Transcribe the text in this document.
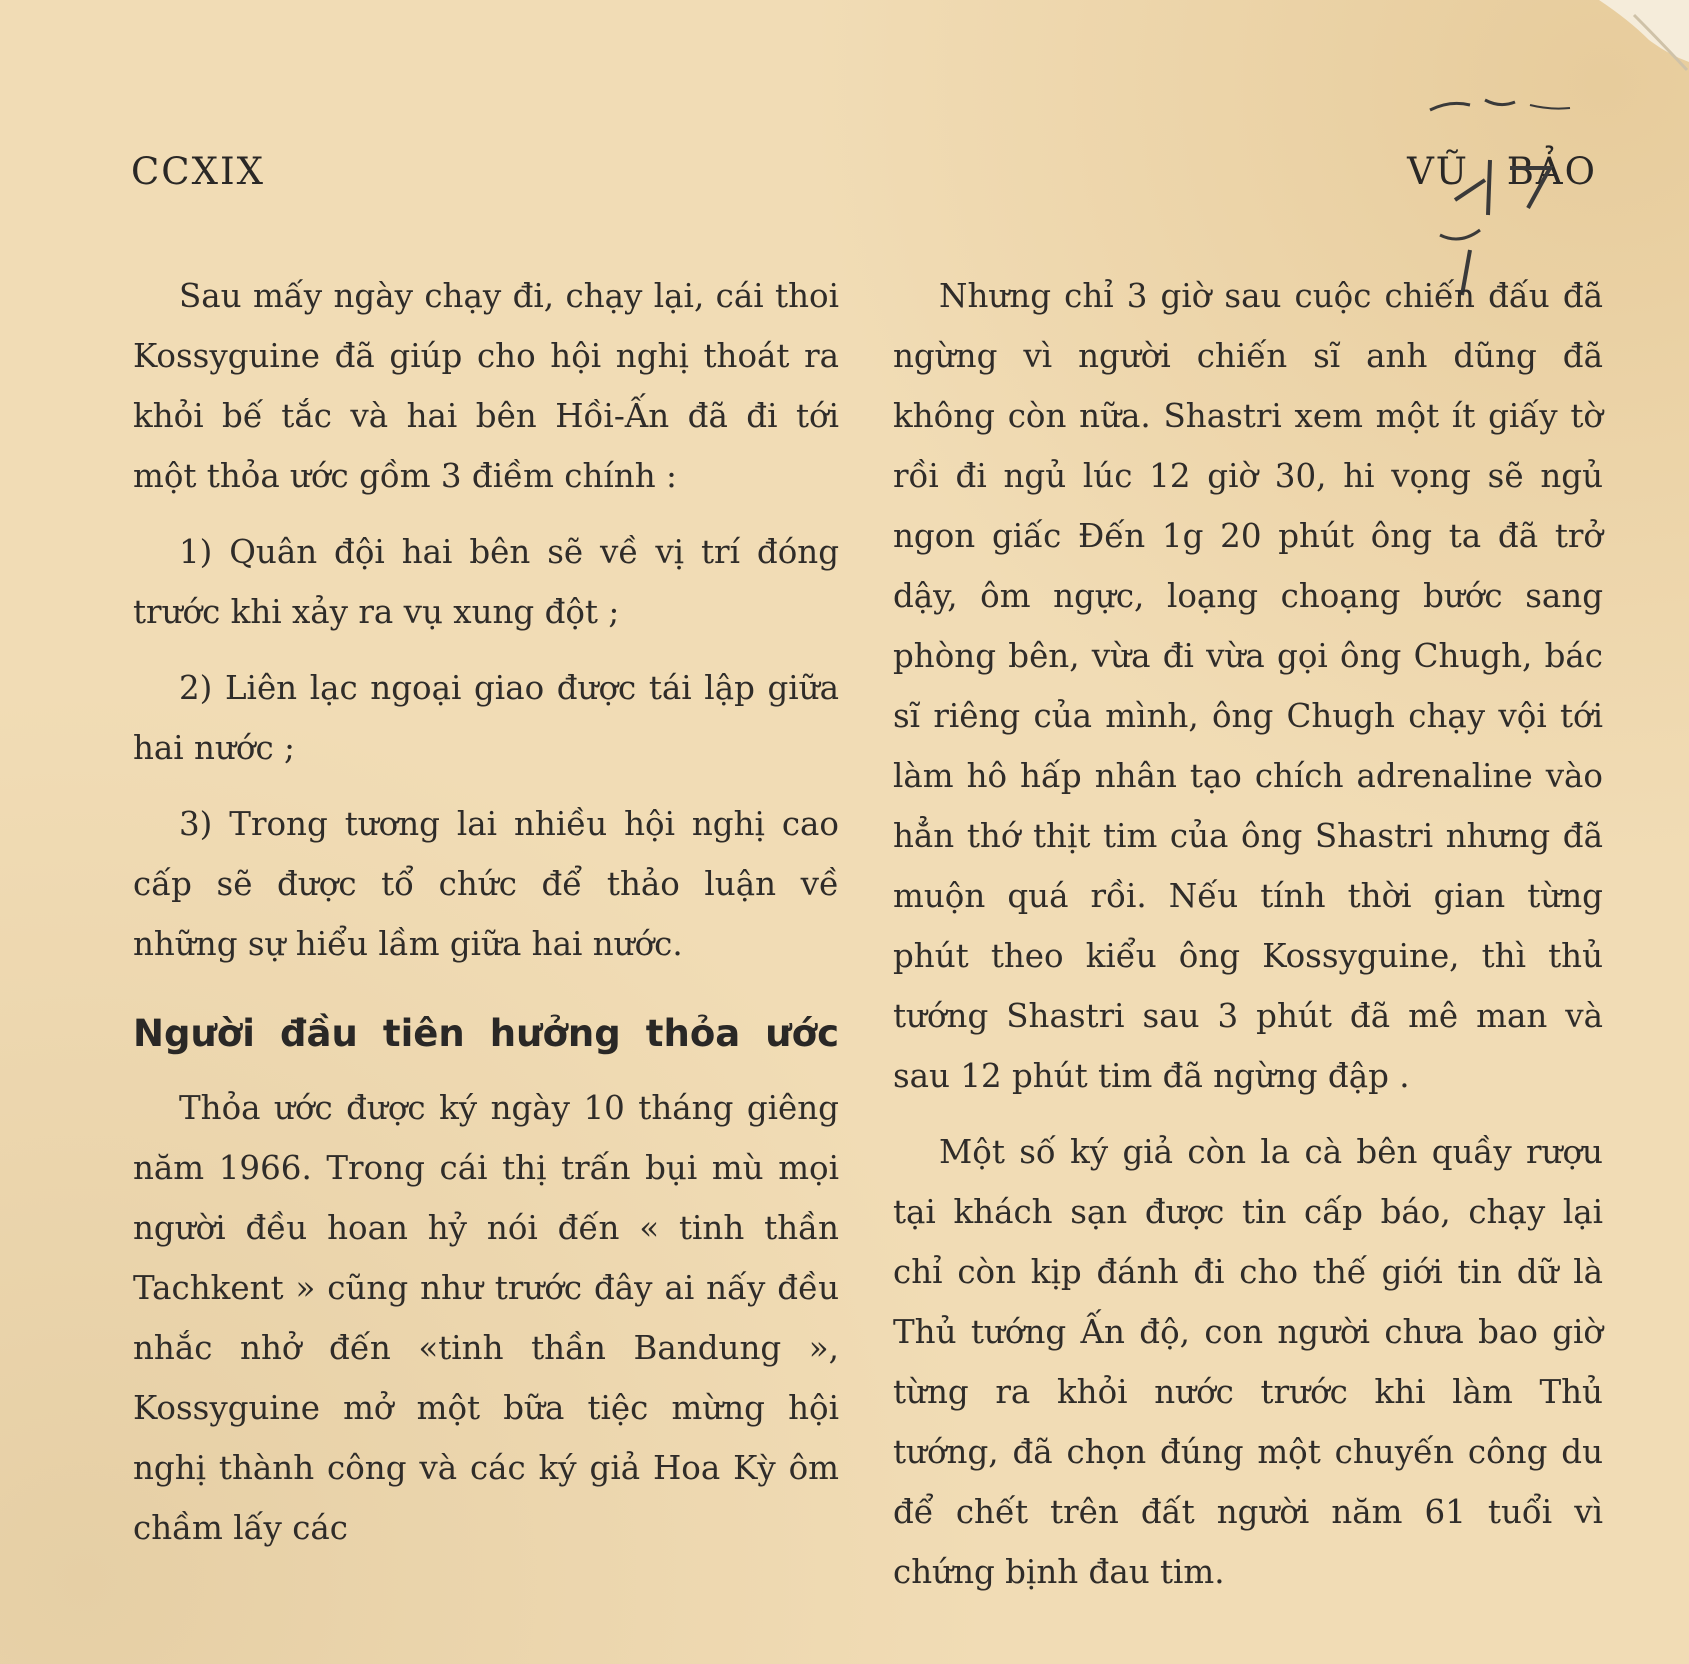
CCXIX	VŨ BẢO

Sau mấy ngày chạy đi, chạy lại, cái thoi Kossyguine đã giúp cho hội nghị thoát ra khỏi bế tắc và hai bên Hồi-Ấn đã đi tới một thỏa ước gồm 3 điềm chính :

1) Quân đội hai bên sẽ về vị trí đóng trước khi xảy ra vụ xung đột ;

2) Liên lạc ngoại giao được tái lập giữa hai nước ;

3) Trong tương lai nhiều hội nghị cao cấp sẽ được tổ chức để thảo luận về những sự hiểu lầm giữa hai nước.

Người đầu tiên hưởng thỏa ước

Thỏa ước được ký ngày 10 tháng giêng năm 1966. Trong cái thị trấn bụi mù mọi người đều hoan hỷ nói đến « tinh thần Tachkent » cũng như trước đây ai nấy đều nhắc nhở đến «tinh thần Bandung », Kossyguine mở một bữa tiệc mừng hội nghị thành công và các ký giả Hoa Kỳ ôm chầm lấy các

Nhưng chỉ 3 giờ sau cuộc chiến đấu đã ngừng vì người chiến sĩ anh dũng đã không còn nữa. Shastri xem một ít giấy tờ rồi đi ngủ lúc 12 giờ 30, hi vọng sẽ ngủ ngon giấc Đến 1g 20 phút ông ta đã trở dậy, ôm ngực, loạng choạng bước sang phòng bên, vừa đi vừa gọi ông Chugh, bác sĩ riêng của mình, ông Chugh chạy vội tới làm hô hấp nhân tạo chích adrenaline vào hẳn thớ thịt tim của ông Shastri nhưng đã muộn quá rồi. Nếu tính thời gian từng phút theo kiểu ông Kossyguine, thì thủ tướng Shastri sau 3 phút đã mê man và sau 12 phút tim đã ngừng đập .

Một số ký giả còn la cà bên quầy rượu tại khách sạn được tin cấp báo, chạy lại chỉ còn kịp đánh đi cho thế giới tin dữ là Thủ tướng Ấn độ, con người chưa bao giờ từng ra khỏi nước trước khi làm Thủ tướng, đã chọn đúng một chuyến công du để chết trên đất người năm 61 tuổi vì chứng bịnh đau tim.
